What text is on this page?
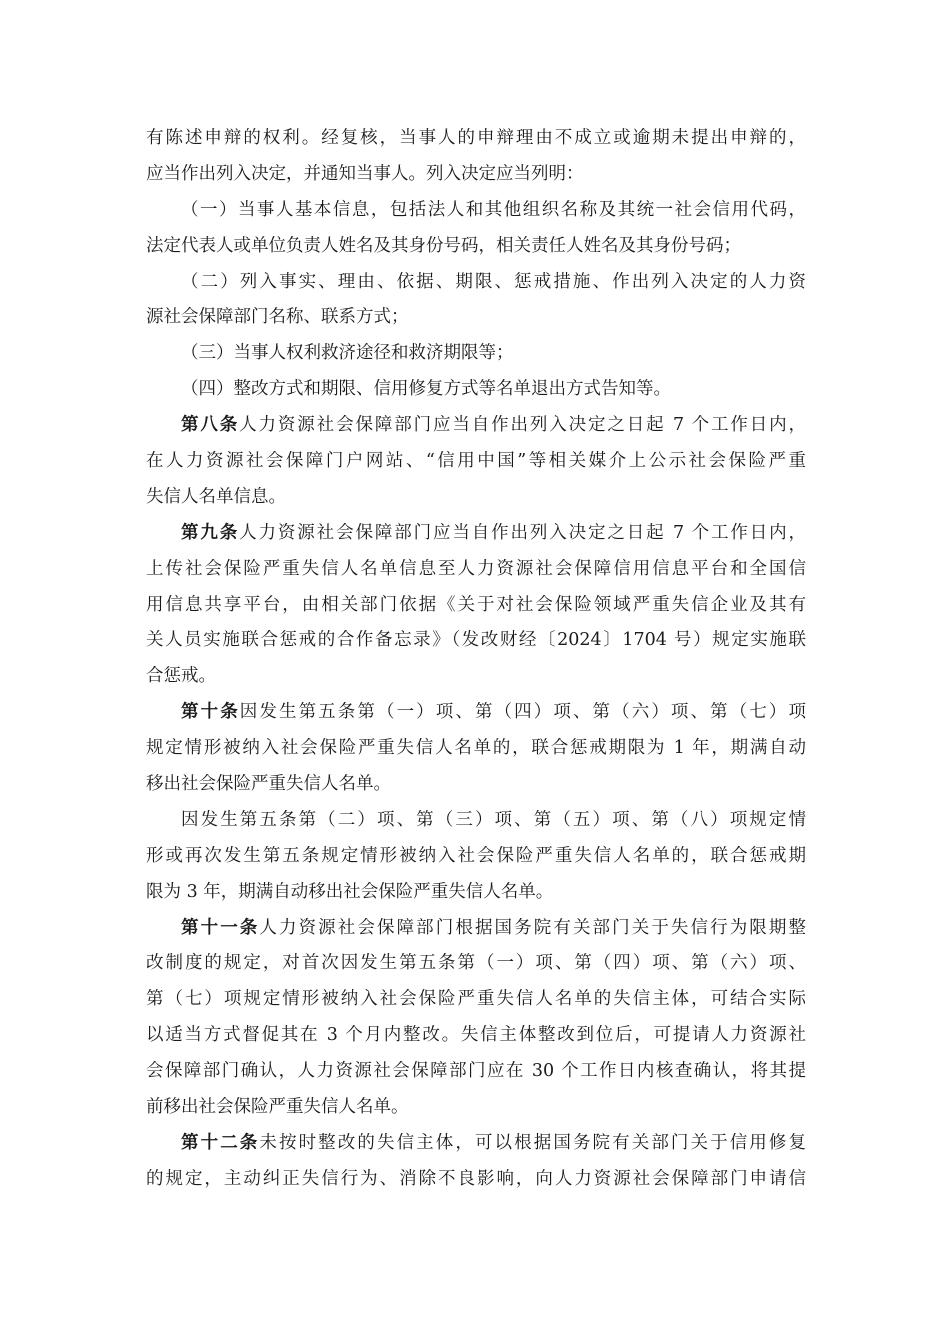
有陈述申辩的权利。经复核，当事人的申辩理由不成立或逾期未提出申辩的，
应当作出列入决定，并通知当事人。列入决定应当列明：
（一）当事人基本信息，包括法人和其他组织名称及其统一社会信用代码，
法定代表人或单位负责人姓名及其身份号码，相关责任人姓名及其身份号码；
（二）列入事实、理由、依据、期限、惩戒措施、作出列入决定的人力资
源社会保障部门名称、联系方式；
（三）当事人权利救济途径和救济期限等；
（四）整改方式和期限、信用修复方式等名单退出方式告知等。
第八条人力资源社会保障部门应当自作出列入决定之日起 7 个工作日内，
在人力资源社会保障门户网站、“信用中国”等相关媒介上公示社会保险严重
失信人名单信息。
第九条人力资源社会保障部门应当自作出列入决定之日起 7 个工作日内，
上传社会保险严重失信人名单信息至人力资源社会保障信用信息平台和全国信
用信息共享平台，由相关部门依据《关于对社会保险领域严重失信企业及其有
关人员实施联合惩戒的合作备忘录》（发改财经〔2024〕1704 号）规定实施联
合惩戒。
第十条因发生第五条第（一）项、第（四）项、第（六）项、第（七）项
规定情形被纳入社会保险严重失信人名单的，联合惩戒期限为 1 年，期满自动
移出社会保险严重失信人名单。
因发生第五条第（二）项、第（三）项、第（五）项、第（八）项规定情
形或再次发生第五条规定情形被纳入社会保险严重失信人名单的，联合惩戒期
限为 3 年，期满自动移出社会保险严重失信人名单。
第十一条人力资源社会保障部门根据国务院有关部门关于失信行为限期整
改制度的规定，对首次因发生第五条第（一）项、第（四）项、第（六）项、
第（七）项规定情形被纳入社会保险严重失信人名单的失信主体，可结合实际
以适当方式督促其在 3 个月内整改。失信主体整改到位后，可提请人力资源社
会保障部门确认，人力资源社会保障部门应在 30 个工作日内核查确认，将其提
前移出社会保险严重失信人名单。
第十二条未按时整改的失信主体，可以根据国务院有关部门关于信用修复
的规定，主动纠正失信行为、消除不良影响，向人力资源社会保障部门申请信
